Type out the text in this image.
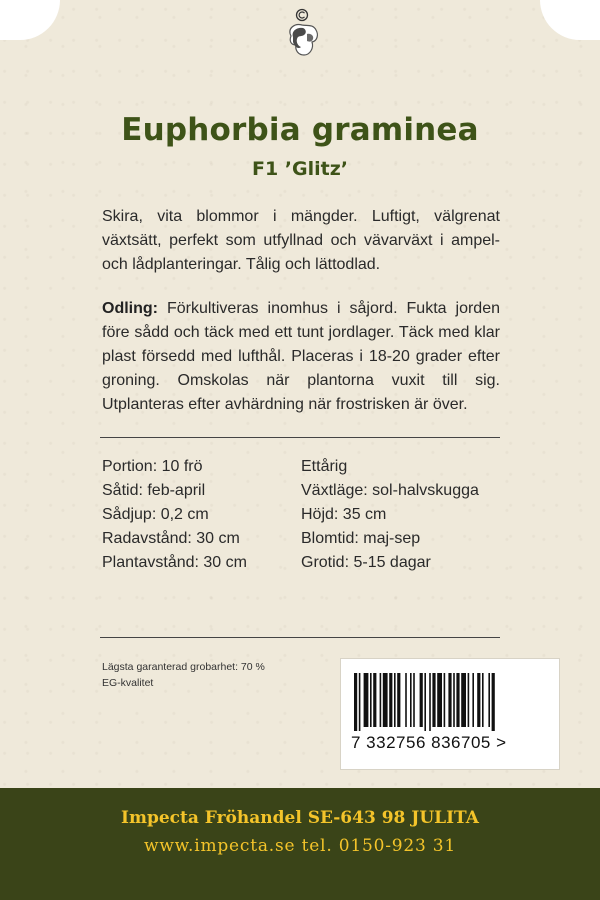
Euphorbia graminea
F1 ’Glitz’
Skira, vita blommor i mängder. Luftigt, välgrenat växtsätt, perfekt som utfyllnad och vävarväxt i ampel- och lådplanteringar. Tålig och lättodlad.
Odling: Förkultiveras inomhus i såjord. Fukta jorden före sådd och täck med ett tunt jordlager. Täck med klar plast försedd med lufthål. Placeras i 18-20 grader efter groning. Omskolas när plantorna vuxit till sig. Utplanteras efter avhärdning när frostrisken är över.
Portion: 10 frö
Såtid: feb-april
Sådjup: 0,2 cm
Radavstånd: 30 cm
Plantavstånd: 30 cm
Ettårig
Växtläge: sol-halvskugga
Höjd: 35 cm
Blomtid: maj-sep
Grotid: 5-15 dagar
Lägsta garanterad grobarhet: 70 %
EG-kvalitet
7 332756 836705 >
Impecta Fröhandel SE-643 98 JULITA
www.impecta.se tel. 0150-923 31
